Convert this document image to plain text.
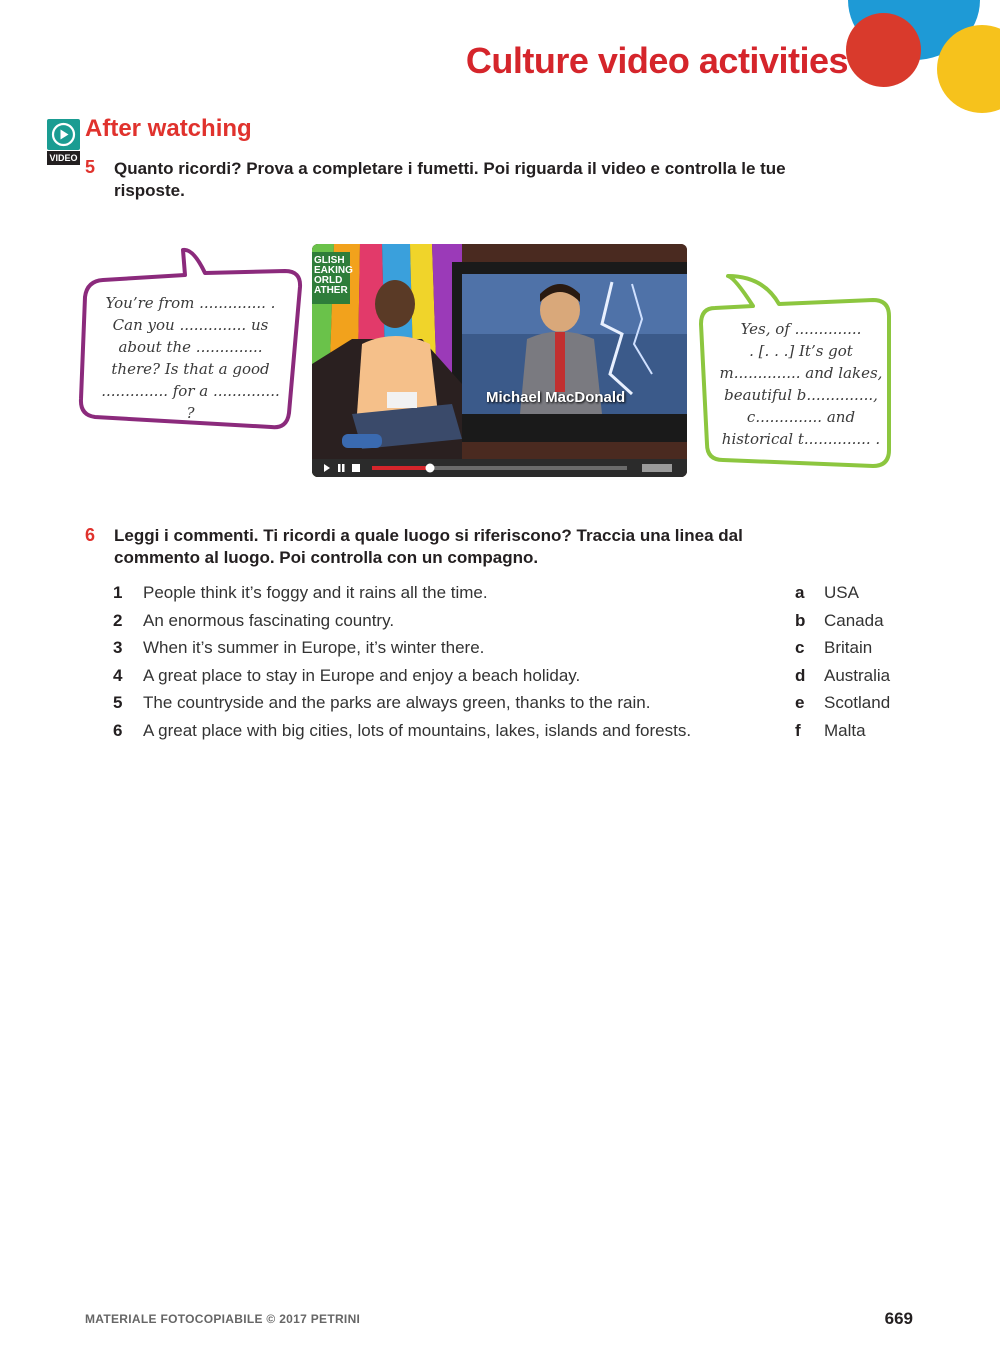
Culture video activities
VIDEO
After watching
5 Quanto ricordi? Prova a completare i fumetti. Poi riguarda il video e controlla le tue risposte.
You’re from .............. .
Can you .............. us
about the ..............
there? Is that a good
.............. for a .............. ?
Yes, of ..............
. [. . .] It’s got
m.............. and lakes,
beautiful b..............,
c.............. and
historical t.............. .
GLISH
EAKING
ORLD
ATHER
Michael MacDonald
6 Leggi i commenti. Ti ricordi a quale luogo si riferiscono? Traccia una linea dal commento al luogo. Poi controlla con un compagno.
1 People think it’s foggy and it rains all the time.
2 An enormous fascinating country.
3 When it’s summer in Europe, it’s winter there.
4 A great place to stay in Europe and enjoy a beach holiday.
5 The countryside and the parks are always green, thanks to the rain.
6 A great place with big cities, lots of mountains, lakes, islands and forests.
a USA
b Canada
c Britain
d Australia
e Scotland
f Malta
MATERIALE FOTOCOPIABILE © 2017 PETRINI	669
